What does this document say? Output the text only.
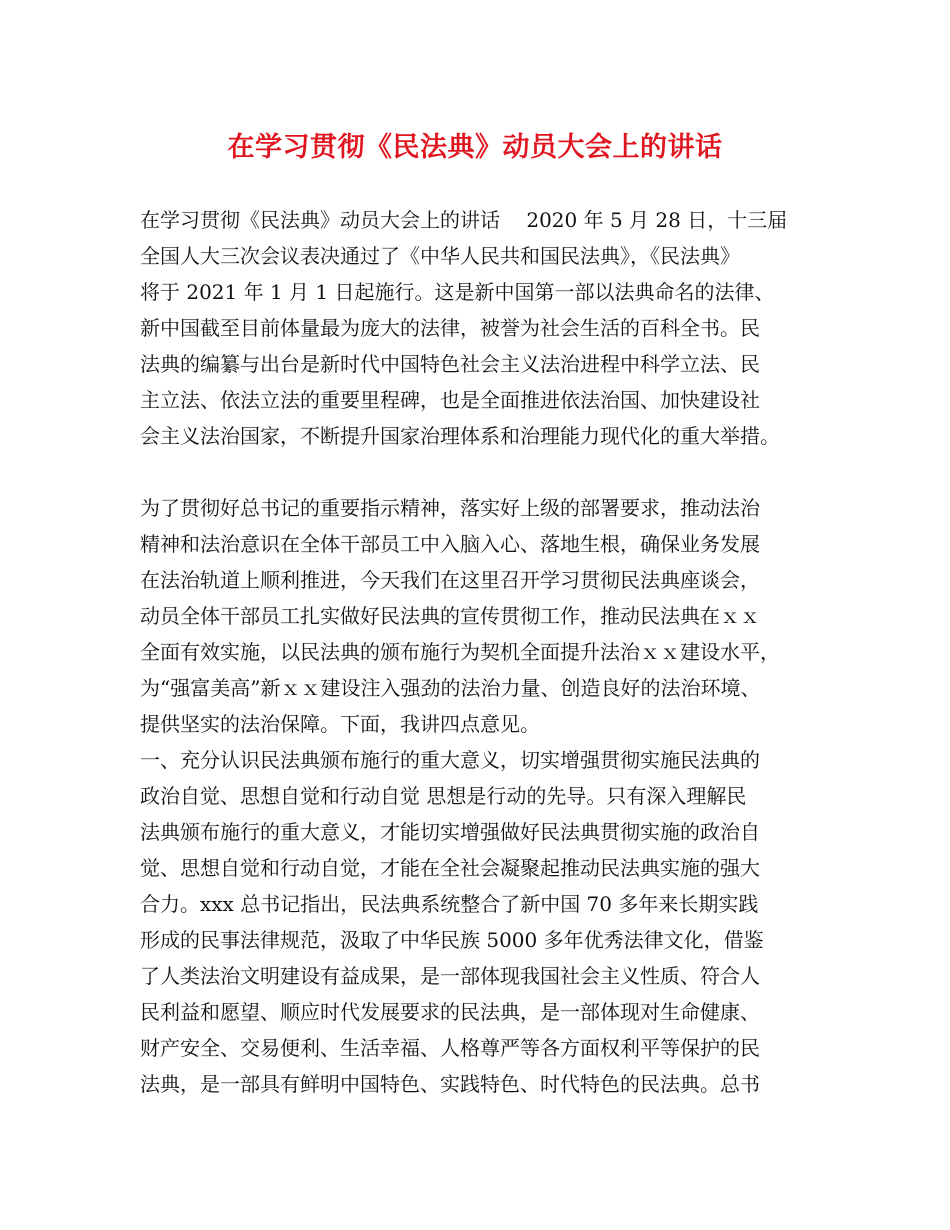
在学习贯彻《民法典》动员大会上的讲话
在学习贯彻《民法典》动员大会上的讲话　 2020 年 5 月 28 日，十三届
全国人大三次会议表决通过了《中华人民共和国民法典》，《民法典》
将于 2021 年 1 月 1 日起施行。这是新中国第一部以法典命名的法律、
新中国截至目前体量最为庞大的法律，被誉为社会生活的百科全书。民
法典的编纂与出台是新时代中国特色社会主义法治进程中科学立法、民
主立法、依法立法的重要里程碑，也是全面推进依法治国、加快建设社
会主义法治国家，不断提升国家治理体系和治理能力现代化的重大举措。
为了贯彻好总书记的重要指示精神，落实好上级的部署要求，推动法治
精神和法治意识在全体干部员工中入脑入心、落地生根，确保业务发展
在法治轨道上顺利推进，今天我们在这里召开学习贯彻民法典座谈会，
动员全体干部员工扎实做好民法典的宣传贯彻工作，推动民法典在ｘｘ
全面有效实施，以民法典的颁布施行为契机全面提升法治ｘｘ建设水平，
为“强富美高”新ｘｘ建设注入强劲的法治力量、创造良好的法治环境、
提供坚实的法治保障。下面，我讲四点意见。
一、充分认识民法典颁布施行的重大意义，切实增强贯彻实施民法典的
政治自觉、思想自觉和行动自觉 思想是行动的先导。只有深入理解民
法典颁布施行的重大意义，才能切实增强做好民法典贯彻实施的政治自
觉、思想自觉和行动自觉，才能在全社会凝聚起推动民法典实施的强大
合力。xxx 总书记指出，民法典系统整合了新中国 70 多年来长期实践
形成的民事法律规范，汲取了中华民族 5000 多年优秀法律文化，借鉴
了人类法治文明建设有益成果，是一部体现我国社会主义性质、符合人
民利益和愿望、顺应时代发展要求的民法典，是一部体现对生命健康、
财产安全、交易便利、生活幸福、人格尊严等各方面权利平等保护的民
法典，是一部具有鲜明中国特色、实践特色、时代特色的民法典。总书
